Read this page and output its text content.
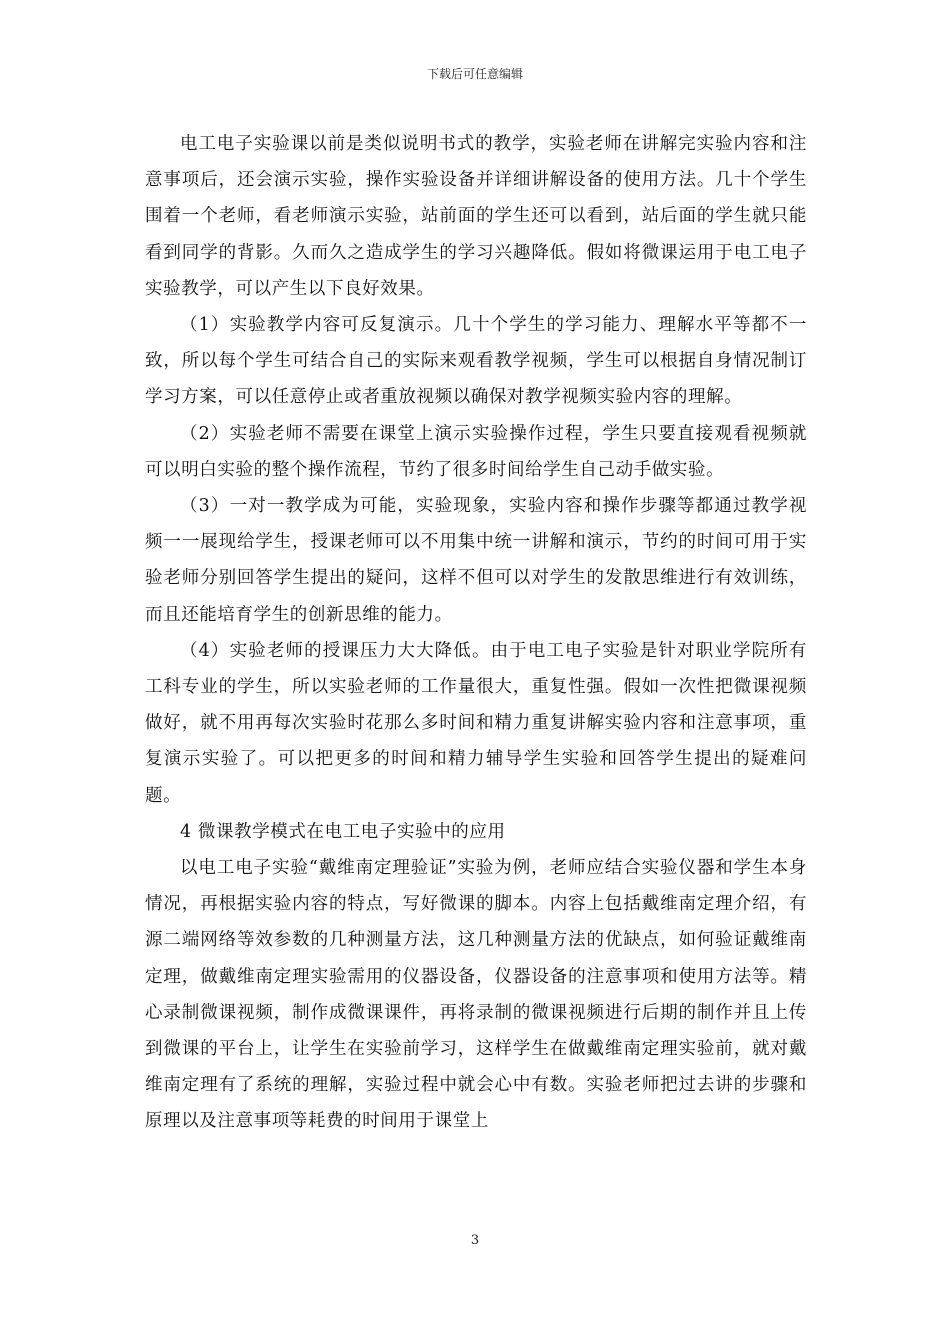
下载后可任意编辑

电工电子实验课以前是类似说明书式的教学，实验老师在讲解完实验内容和注意事项后，还会演示实验，操作实验设备并详细讲解设备的使用方法。几十个学生围着一个老师，看老师演示实验，站前面的学生还可以看到，站后面的学生就只能看到同学的背影。久而久之造成学生的学习兴趣降低。假如将微课运用于电工电子实验教学，可以产生以下良好效果。

（1）实验教学内容可反复演示。几十个学生的学习能力、理解水平等都不一致，所以每个学生可结合自己的实际来观看教学视频，学生可以根据自身情况制订学习方案，可以任意停止或者重放视频以确保对教学视频实验内容的理解。

（2）实验老师不需要在课堂上演示实验操作过程，学生只要直接观看视频就可以明白实验的整个操作流程，节约了很多时间给学生自己动手做实验。

（3）一对一教学成为可能，实验现象，实验内容和操作步骤等都通过教学视频一一展现给学生，授课老师可以不用集中统一讲解和演示，节约的时间可用于实验老师分别回答学生提出的疑问，这样不但可以对学生的发散思维进行有效训练，而且还能培育学生的创新思维的能力。

（4）实验老师的授课压力大大降低。由于电工电子实验是针对职业学院所有工科专业的学生，所以实验老师的工作量很大，重复性强。假如一次性把微课视频做好，就不用再每次实验时花那么多时间和精力重复讲解实验内容和注意事项，重复演示实验了。可以把更多的时间和精力辅导学生实验和回答学生提出的疑难问题。

4 微课教学模式在电工电子实验中的应用

以电工电子实验“戴维南定理验证”实验为例，老师应结合实验仪器和学生本身情况，再根据实验内容的特点，写好微课的脚本。内容上包括戴维南定理介绍，有源二端网络等效参数的几种测量方法，这几种测量方法的优缺点，如何验证戴维南定理，做戴维南定理实验需用的仪器设备，仪器设备的注意事项和使用方法等。精心录制微课视频，制作成微课课件，再将录制的微课视频进行后期的制作并且上传到微课的平台上，让学生在实验前学习，这样学生在做戴维南定理实验前，就对戴维南定理有了系统的理解，实验过程中就会心中有数。实验老师把过去讲的步骤和原理以及注意事项等耗费的时间用于课堂上

3
